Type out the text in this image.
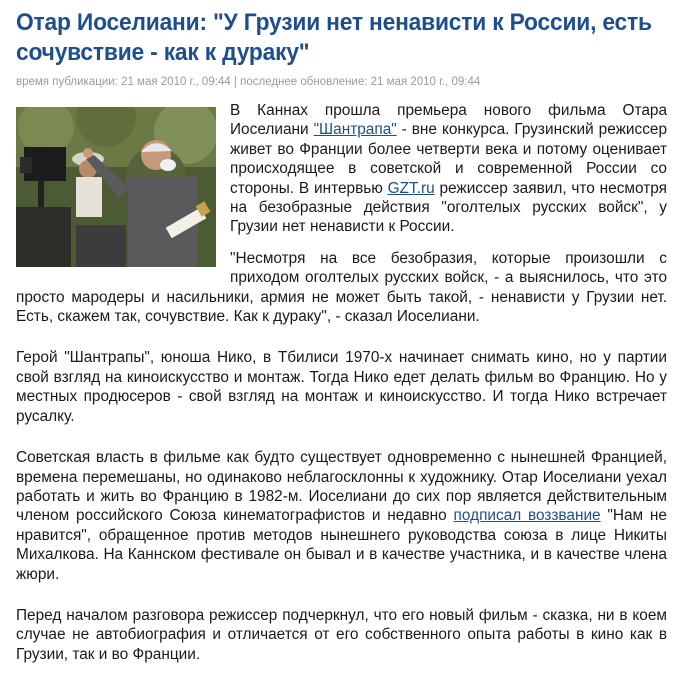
Отар Иоселиани: "У Грузии нет ненависти к России, есть сочувствие - как к дураку"
время публикации: 21 мая 2010 г., 09:44 | последнее обновление: 21 мая 2010 г., 09:44

В Каннах прошла премьера нового фильма Отара Иоселиани "Шантрапа" - вне конкурса. Грузинский режиссер живет во Франции более четверти века и потому оценивает происходящее в советской и современной России со стороны. В интервью GZT.ru режиссер заявил, что несмотря на безобразные действия "оголтелых русских войск", у Грузии нет ненависти к России.

"Несмотря на все безобразия, которые произошли с приходом оголтелых русских войск, - а выяснилось, что это просто мародеры и насильники, армия не может быть такой, - ненависти у Грузии нет. Есть, скажем так, сочувствие. Как к дураку", - сказал Иоселиани.

Герой "Шантрапы", юноша Нико, в Тбилиси 1970-х начинает снимать кино, но у партии свой взгляд на киноискусство и монтаж. Тогда Нико едет делать фильм во Францию. Но у местных продюсеров - свой взгляд на монтаж и киноискусство. И тогда Нико встречает русалку.

Советская власть в фильме как будто существует одновременно с нынешней Францией, времена перемешаны, но одинаково неблагосклонны к художнику. Отар Иоселиани уехал работать и жить во Францию в 1982-м. Иоселиани до сих пор является действительным членом российского Союза кинематографистов и недавно подписал воззвание "Нам не нравится", обращенное против методов нынешнего руководства союза в лице Никиты Михалкова. На Каннском фестивале он бывал и в качестве участника, и в качестве члена жюри.

Перед началом разговора режиссер подчеркнул, что его новый фильм - сказка, ни в коем случае не автобиография и отличается от его собственного опыта работы в кино как в Грузии, так и во Франции.
